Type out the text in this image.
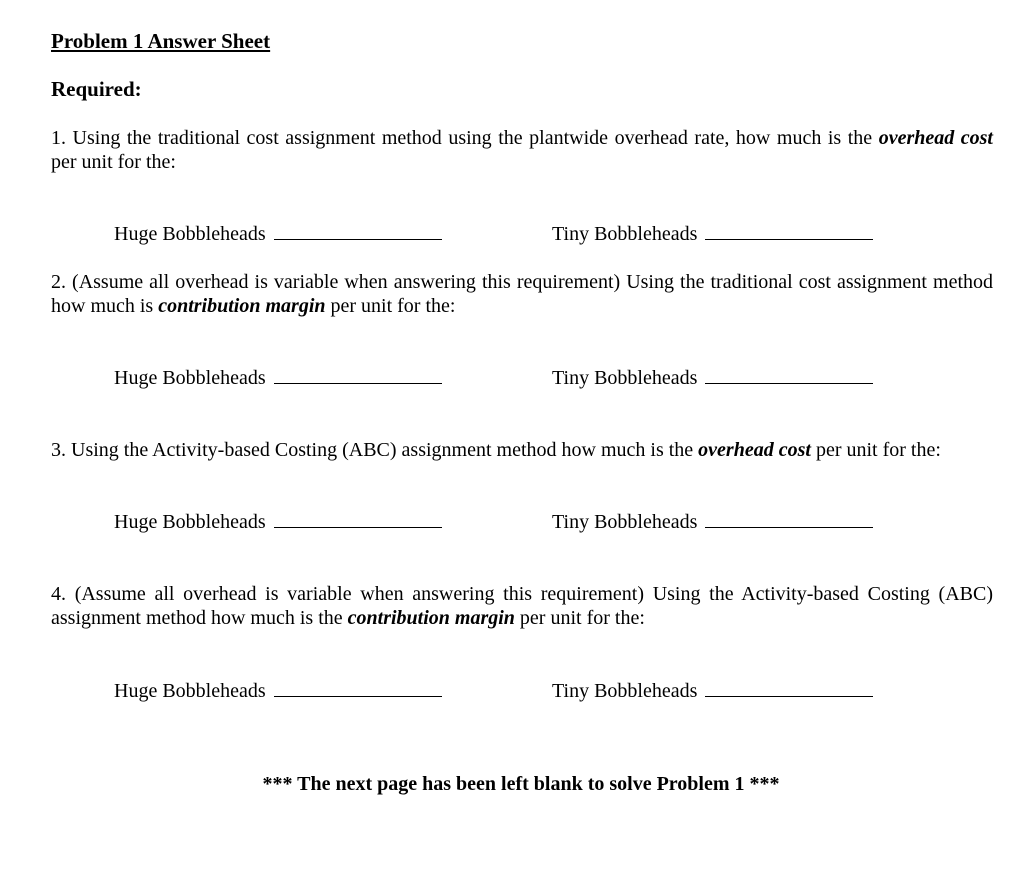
Problem 1 Answer Sheet

Required:

1. Using the traditional cost assignment method using the plantwide overhead rate, how much is the overhead cost per unit for the:

Huge Bobbleheads	Tiny Bobbleheads

2. (Assume all overhead is variable when answering this requirement) Using the traditional cost assignment method how much is contribution margin per unit for the:

Huge Bobbleheads	Tiny Bobbleheads

3. Using the Activity-based Costing (ABC) assignment method how much is the overhead cost per unit for the:

Huge Bobbleheads	Tiny Bobbleheads

4. (Assume all overhead is variable when answering this requirement) Using the Activity-based Costing (ABC) assignment method how much is the contribution margin per unit for the:

Huge Bobbleheads	Tiny Bobbleheads

*** The next page has been left blank to solve Problem 1 ***
